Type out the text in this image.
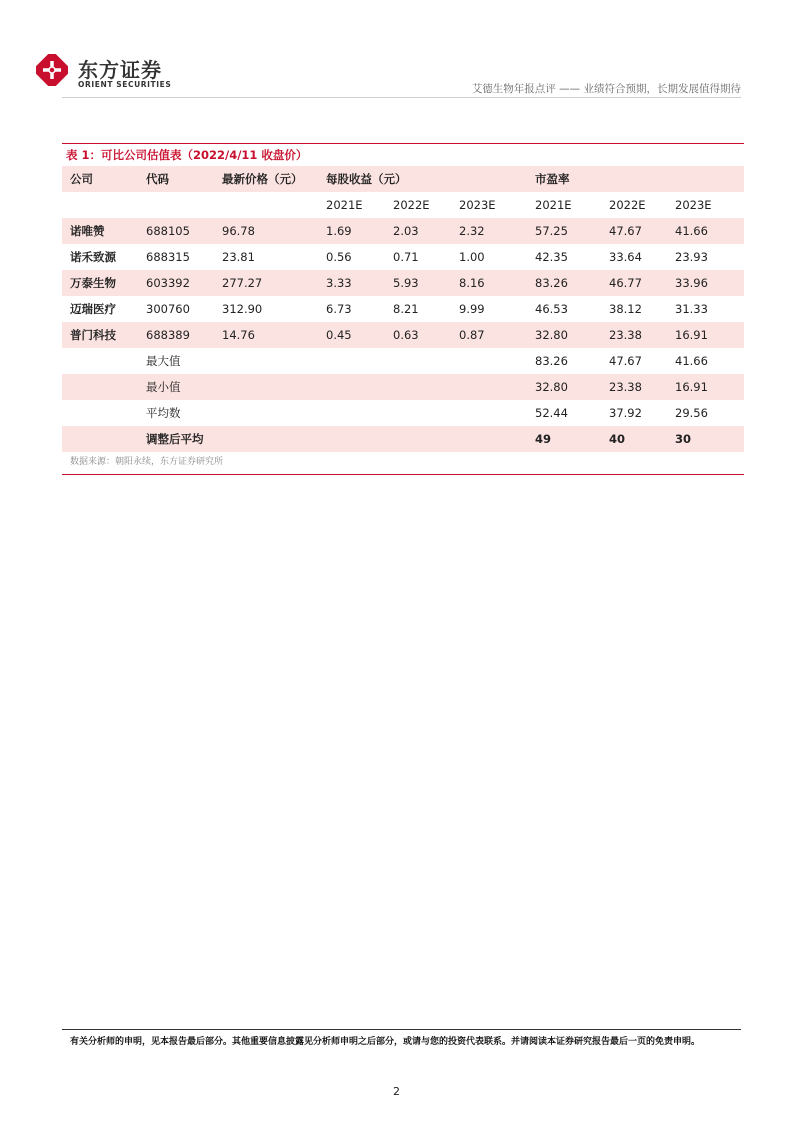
东方证券
ORIENT SECURITIES	艾德生物年报点评 —— 业绩符合预期，长期发展值得期待
表 1：可比公司估值表（2022/4/11 收盘价）
公司	代码	最新价格（元）	每股收益（元）			市盈率		
			2021E	2022E	2023E	2021E	2022E	2023E
诺唯赞	688105	96.78	1.69	2.03	2.32	57.25	47.67	41.66
诺禾致源	688315	23.81	0.56	0.71	1.00	42.35	33.64	23.93
万泰生物	603392	277.27	3.33	5.93	8.16	83.26	46.77	33.96
迈瑞医疗	300760	312.90	6.73	8.21	9.99	46.53	38.12	31.33
普门科技	688389	14.76	0.45	0.63	0.87	32.80	23.38	16.91
	最大值					83.26	47.67	41.66
	最小值					32.80	23.38	16.91
	平均数					52.44	37.92	29.56
	调整后平均					49	40	30
数据来源：朝阳永续，东方证券研究所
有关分析师的申明，见本报告最后部分。其他重要信息披露见分析师申明之后部分，或请与您的投资代表联系。并请阅读本证券研究报告最后一页的免责申明。
2
